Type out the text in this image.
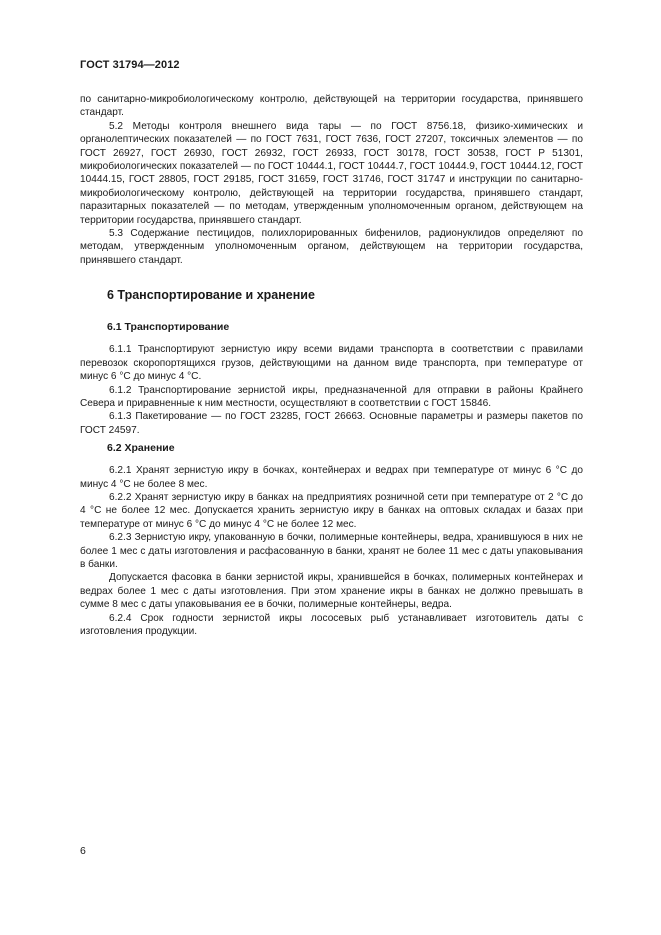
ГОСТ 31794—2012

по санитарно-микробиологическому контролю, действующей на территории государства, принявшего стандарт.

5.2 Методы контроля внешнего вида тары — по ГОСТ 8756.18, физико-химических и органолептических показателей — по ГОСТ 7631, ГОСТ 7636, ГОСТ 27207, токсичных элементов — по ГОСТ 26927, ГОСТ 26930, ГОСТ 26932, ГОСТ 26933, ГОСТ 30178, ГОСТ 30538, ГОСТ Р 51301, микробиологических показателей — по ГОСТ 10444.1, ГОСТ 10444.7, ГОСТ 10444.9, ГОСТ 10444.12, ГОСТ 10444.15, ГОСТ 28805, ГОСТ 29185, ГОСТ 31659, ГОСТ 31746, ГОСТ 31747 и инструкции по санитарно-микробиологическому контролю, действующей на территории государства, принявшего стандарт, паразитарных показателей — по методам, утвержденным уполномоченным органом, действующем на территории государства, принявшего стандарт.

5.3 Содержание пестицидов, полихлорированных бифенилов, радионуклидов определяют по методам, утвержденным уполномоченным органом, действующем на территории государства, принявшего стандарт.

6 Транспортирование и хранение
6.1 Транспортирование

6.1.1 Транспортируют зернистую икру всеми видами транспорта в соответствии с правилами перевозок скоропортящихся грузов, действующими на данном виде транспорта, при температуре от минус 6 °С до минус 4 °С.

6.1.2 Транспортирование зернистой икры, предназначенной для отправки в районы Крайнего Севера и приравненные к ним местности, осуществляют в соответствии с ГОСТ 15846.

6.1.3 Пакетирование — по ГОСТ 23285, ГОСТ 26663. Основные параметры и размеры пакетов по ГОСТ 24597.

6.2 Хранение

6.2.1 Хранят зернистую икру в бочках, контейнерах и ведрах при температуре от минус 6 °С до минус 4 °С не более 8 мес.

6.2.2 Хранят зернистую икру в банках на предприятиях розничной сети при температуре от 2 °С до 4 °С не более 12 мес. Допускается хранить зернистую икру в банках на оптовых складах и базах при температуре от минус 6 °С до минус 4 °С не более 12 мес.

6.2.3 Зернистую икру, упакованную в бочки, полимерные контейнеры, ведра, хранившуюся в них не более 1 мес с даты изготовления и расфасованную в банки, хранят не более 11 мес с даты упаковывания в банки.

Допускается фасовка в банки зернистой икры, хранившейся в бочках, полимерных контейнерах и ведрах более 1 мес с даты изготовления. При этом хранение икры в банках не должно превышать в сумме 8 мес с даты упаковывания ее в бочки, полимерные контейнеры, ведра.

6.2.4 Срок годности зернистой икры лососевых рыб устанавливает изготовитель даты с изготовления продукции.

6
